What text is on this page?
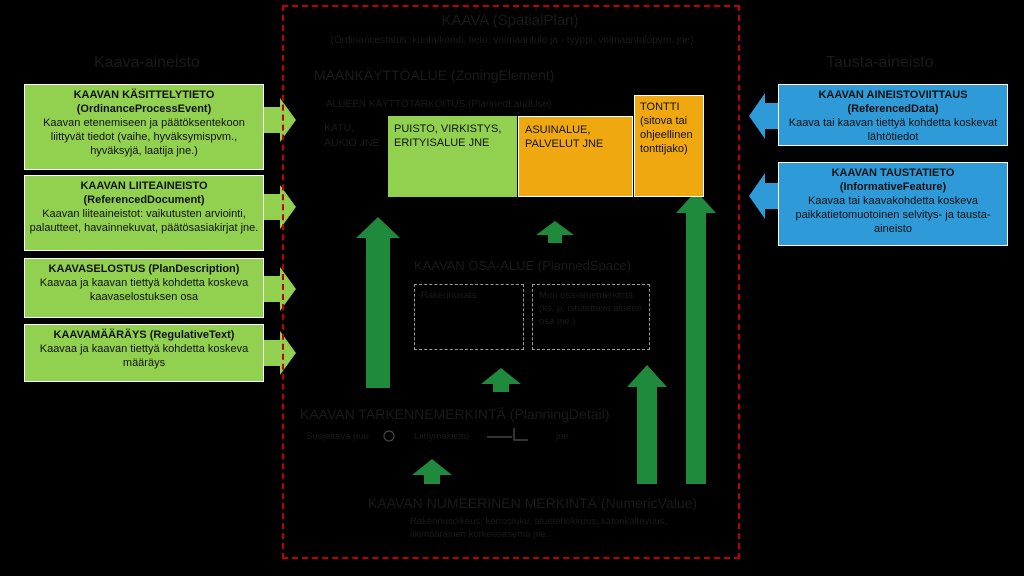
Kaava-aineisto	Tausta-aineisto
KAAVA (SpatialPlan)
(Ordinancestatus: kunta/koodi, tieto, voimaantulo ja - tyyppi, voimaantulopvm. jne)
KAAVAN KÄSITTELYTIETO
(OrdinanceProcessEvent)
Kaavan etenemiseen ja päätöksentekoon liittyvät tiedot (vaihe, hyväksymispvm., hyväksyjä, laatija jne.)
KAAVAN LIITEAINEISTO
(ReferencedDocument)
Kaavan liiteaineistot: vaikutusten arviointi, palautteet, havainnekuvat, päätösasiakirjat jne.
KAAVASELOSTUS (PlanDescription)
Kaavaa ja kaavan tiettyä kohdetta koskeva kaavaselostuksen osa
KAAVAMÄÄRÄYS (RegulativeText)
Kaavaa ja kaavan tiettyä kohdetta koskeva määräys
KAAVAN AINEISTOVIITTAUS
(ReferencedData)
Kaava tai kaavan tiettyä kohdetta koskevat lähtötiedot
KAAVAN TAUSTATIETO
(InformativeFeature)
Kaavaa tai kaavakohdetta koskeva paikkatietomuotoinen selvitys- ja tausta-aineisto
MAANKÄYTTÖALUE (ZoningElement)
ALUEEN KÄYTTÖTARKOITUS (PlannedLandUse)
KATU, AUKIO JNE
PUISTO, VIRKISTYS, ERITYISALUE JNE
ASUINALUE, PALVELUT JNE
TONTTI (sitova tai ohjeellinen tonttijako)
KAAVAN OSA-ALUE (PlannedSpace)
Rakennusala	Muu osa-aluemerkintä (ks. p. istutettava alueen osa jne.)
KAAVAN TARKENNEMERKINTÄ (PlanningDetail)
Suojeltava puu	Liittymäkielto	jne.
KAAVAN NUMEERINEN MERKINTÄ (NumericValue)
Rakennusoikeus, kerrosluku, aluetehokkuus, katonkaltevuus, likimääräinen korkeusasema jne.
